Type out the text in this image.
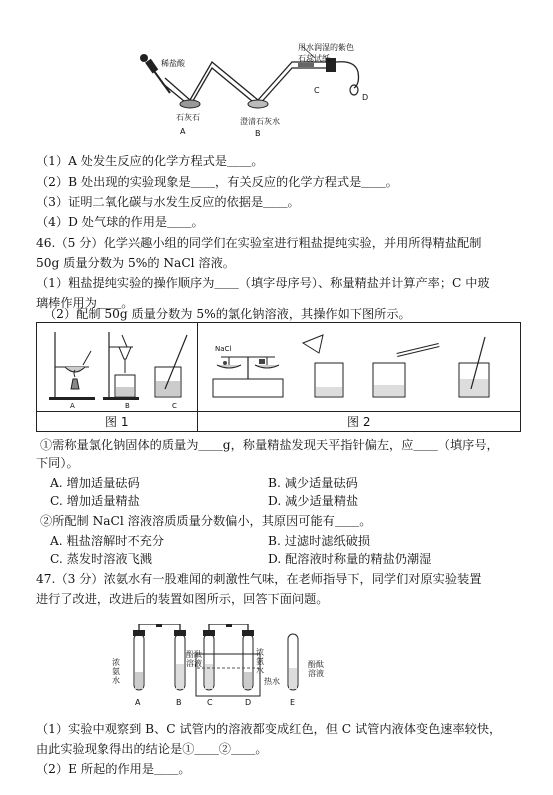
稀盐酸
用水润湿的紫色
石蕊试纸
石灰石	澄清石灰水
A	B
C
D
（1）A 处发生反应的化学方程式是＿＿。
（2）B 处出现的实验现象是＿＿，有关反应的化学方程式是＿＿。
（3）证明二氧化碳与水发生反应的依据是＿＿。
（4）D 处气球的作用是＿＿。
46.（5 分）化学兴趣小组的同学们在实验室进行粗盐提纯实验，并用所得精盐配制
50g 质量分数为 5%的 NaCl 溶液。
（1）粗盐提纯实验的操作顺序为＿＿（填字母序号）、称量精盐并计算产率；C 中玻
璃棒作用为＿＿。
（2）配制 50g 质量分数为 5%的氯化钠溶液，其操作如下图所示。
A	B	C
NaCl
图 1	图 2
①需称量氯化钠固体的质量为＿＿g，称量精盐发现天平指针偏左，应＿＿（填序号，
下同）。
A. 增加适量砝码	B. 减少适量砝码
C. 增加适量精盐	D. 减少适量精盐
②所配制 NaCl 溶液溶质质量分数偏小，其原因可能有＿＿。
A. 粗盐溶解时不充分	B. 过滤时滤纸破损
C. 蒸发时溶液飞溅	D. 配溶液时称量的精盐仍潮湿
47.（3 分）浓氨水有一股难闻的刺激性气味，在老师指导下，同学们对原实验装置
进行了改进，改进后的装置如图所示，回答下面问题。
浓氨水
酚酞溶液
浓氨水
热水
酚酞溶液
A	B	C	D	E
（1）实验中观察到 B、C 试管内的溶液都变成红色，但 C 试管内液体变色速率较快，
由此实验现象得出的结论是①＿＿②＿＿。
（2）E 所起的作用是＿＿。
